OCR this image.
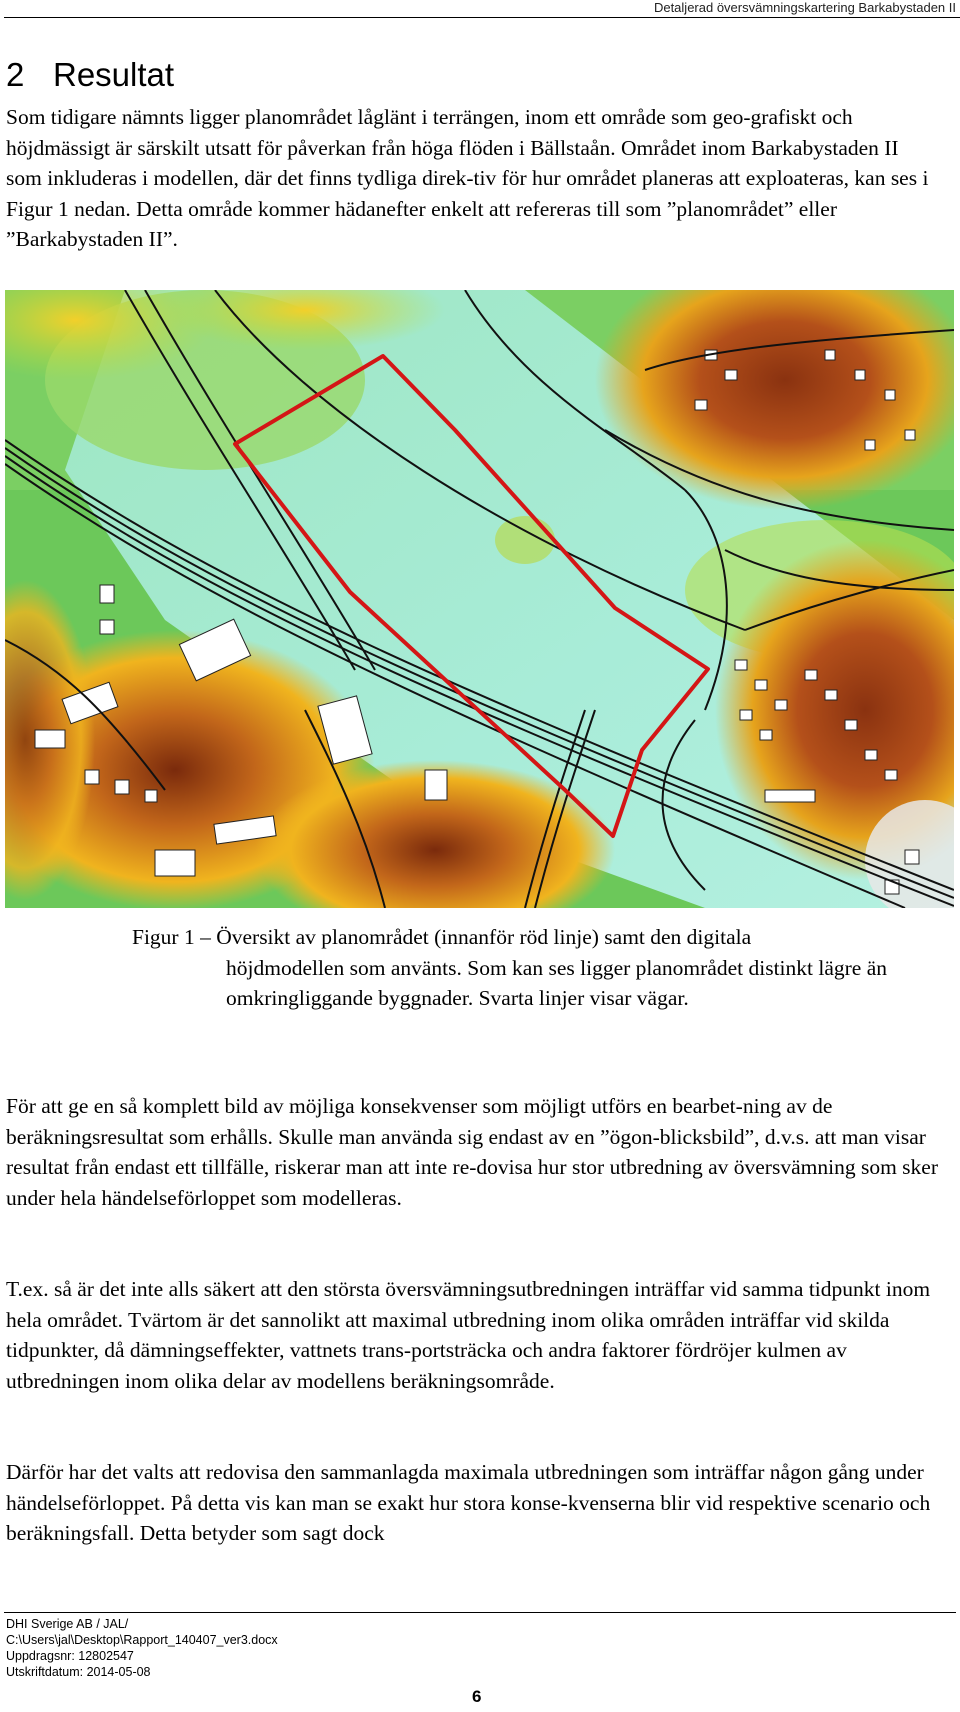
Detaljerad översvämningskartering Barkabystaden II
2 Resultat

Som tidigare nämnts ligger planområdet låglänt i terrängen, inom ett område som geo-grafiskt och höjdmässigt är särskilt utsatt för påverkan från höga flöden i Bällstaån. Området inom Barkabystaden II som inkluderas i modellen, där det finns tydliga direk-tiv för hur området planeras att exploateras, kan ses i Figur 1 nedan. Detta område kommer hädanefter enkelt att refereras till som ”planområdet” eller ”Barkabystaden II”.

Figur 1 – Översikt av planområdet (innanför röd linje) samt den digitala
höjdmodellen som använts. Som kan ses ligger planområdet distinkt lägre än omkringliggande byggnader. Svarta linjer visar vägar.

För att ge en så komplett bild av möjliga konsekvenser som möjligt utförs en bearbet-ning av de beräkningsresultat som erhålls. Skulle man använda sig endast av en ”ögon-blicksbild”, d.v.s. att man visar resultat från endast ett tillfälle, riskerar man att inte re-dovisa hur stor utbredning av översvämning som sker under hela händelseförloppet som modelleras.

T.ex. så är det inte alls säkert att den största översvämningsutbredningen inträffar vid samma tidpunkt inom hela området. Tvärtom är det sannolikt att maximal utbredning inom olika områden inträffar vid skilda tidpunkter, då dämningseffekter, vattnets trans-portsträcka och andra faktorer fördröjer kulmen av utbredningen inom olika delar av modellens beräkningsområde.

Därför har det valts att redovisa den sammanlagda maximala utbredningen som inträffar någon gång under händelseförloppet. På detta vis kan man se exakt hur stora konse-kvenserna blir vid respektive scenario och beräkningsfall. Detta betyder som sagt dock

DHI Sverige AB / JAL/
C:\Users\jal\Desktop\Rapport_140407_ver3.docx
Uppdragsnr: 12802547
Utskriftdatum: 2014-05-08
6
